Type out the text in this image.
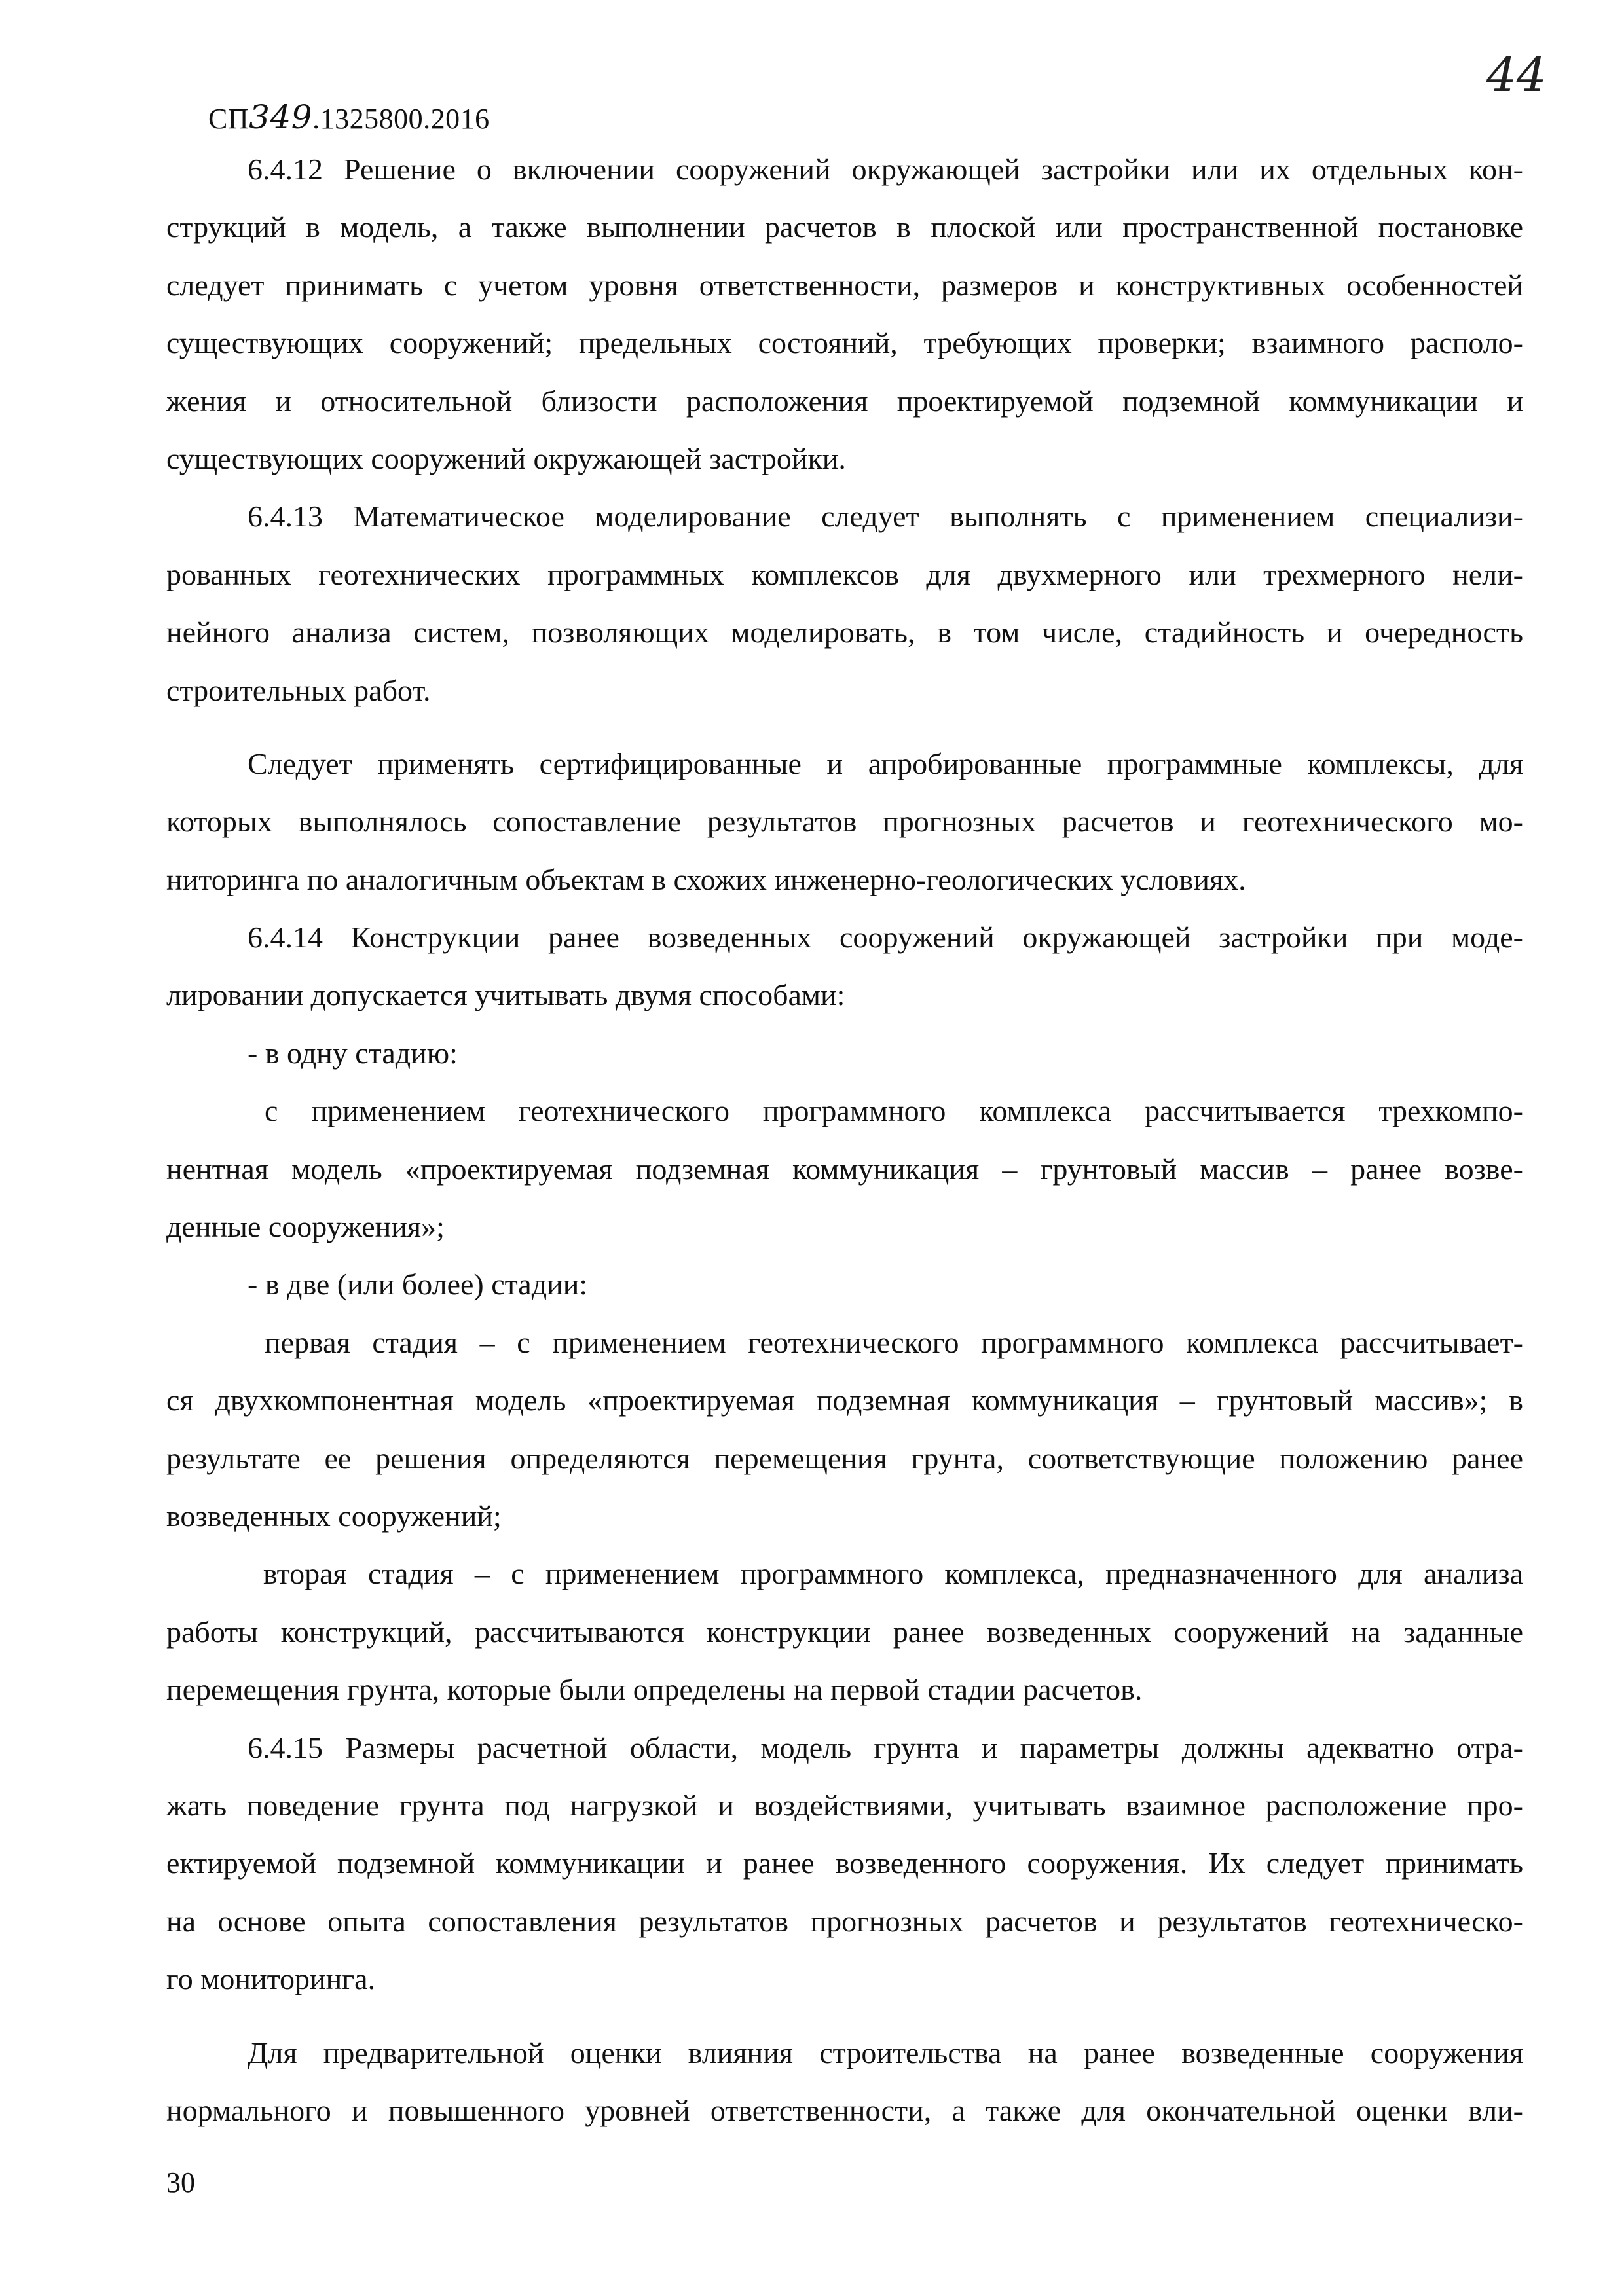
СП349.1325800.2016
44
6.4.12 Решение о включении сооружений окружающей застройки или их отдельных кон-
струкций в модель, а также выполнении расчетов в плоской или пространственной постановке
следует принимать с учетом уровня ответственности, размеров и конструктивных особенностей
существующих сооружений; предельных состояний, требующих проверки; взаимного располо-
жения и относительной близости расположения проектируемой подземной коммуникации и
существующих сооружений окружающей застройки.
6.4.13 Математическое моделирование следует выполнять с применением специализи-
рованных геотехнических программных комплексов для двухмерного или трехмерного нели-
нейного анализа систем, позволяющих моделировать, в том числе, стадийность и очередность
строительных работ.
Следует применять сертифицированные и апробированные программные комплексы, для
которых выполнялось сопоставление результатов прогнозных расчетов и геотехнического мо-
ниторинга по аналогичным объектам в схожих инженерно-геологических условиях.
6.4.14 Конструкции ранее возведенных сооружений окружающей застройки при моде-
лировании допускается учитывать двумя способами:
- в одну стадию:
с применением геотехнического программного комплекса рассчитывается трехкомпо-
нентная модель «проектируемая подземная коммуникация – грунтовый массив – ранее возве-
денные сооружения»;
- в две (или более) стадии:
первая стадия – с применением геотехнического программного комплекса рассчитывает-
ся двухкомпонентная модель «проектируемая подземная коммуникация – грунтовый массив»; в
результате ее решения определяются перемещения грунта, соответствующие положению ранее
возведенных сооружений;
вторая стадия – с применением программного комплекса, предназначенного для анализа
работы конструкций, рассчитываются конструкции ранее возведенных сооружений на заданные
перемещения грунта, которые были определены на первой стадии расчетов.
6.4.15 Размеры расчетной области, модель грунта и параметры должны адекватно отра-
жать поведение грунта под нагрузкой и воздействиями, учитывать взаимное расположение про-
ектируемой подземной коммуникации и ранее возведенного сооружения. Их следует принимать
на основе опыта сопоставления результатов прогнозных расчетов и результатов геотехническо-
го мониторинга.
Для предварительной оценки влияния строительства на ранее возведенные сооружения
нормального и повышенного уровней ответственности, а также для окончательной оценки вли-
30
